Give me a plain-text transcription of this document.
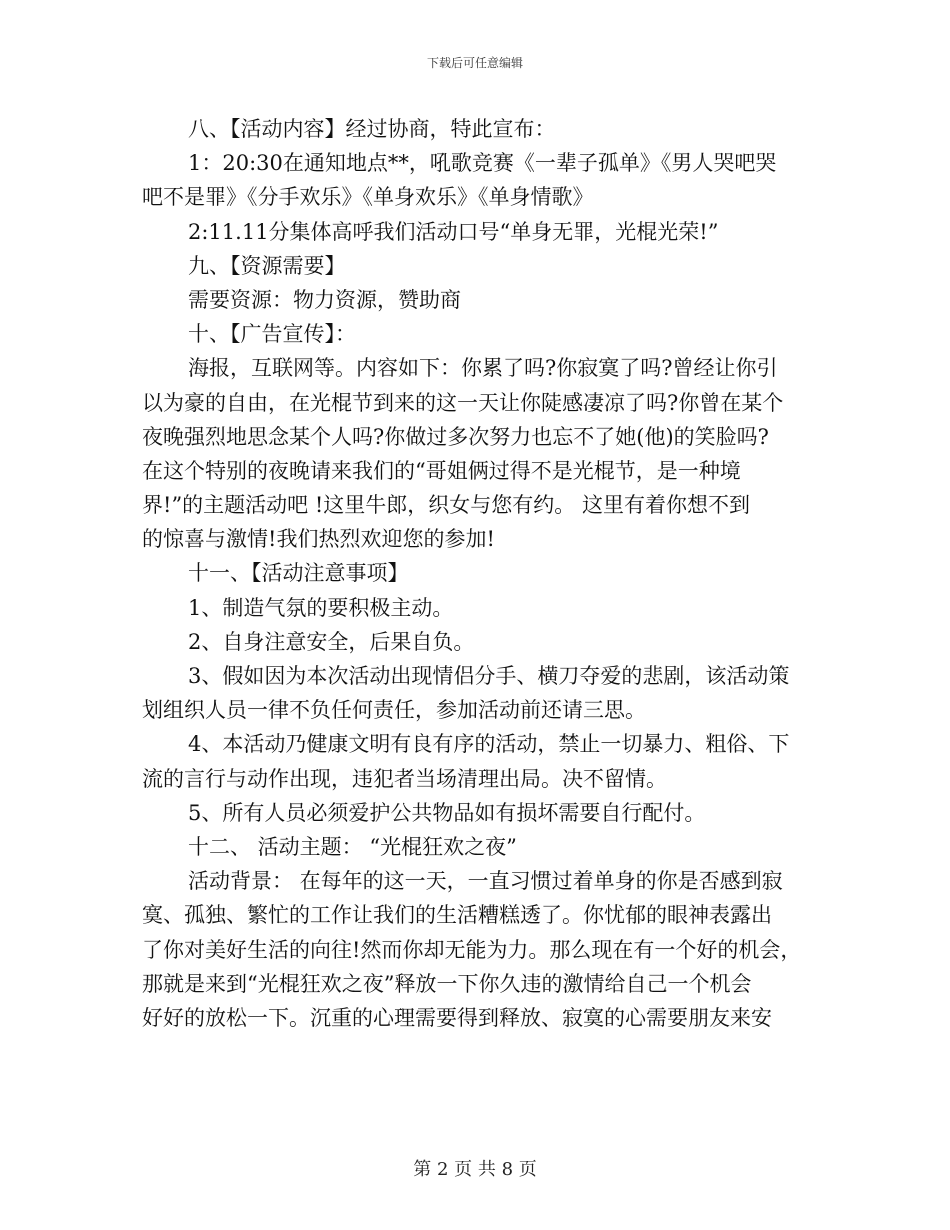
下载后可任意编辑
八、【活动内容】经过协商，特此宣布：
1：20:30在通知地点**，吼歌竞赛《一辈子孤单》《男人哭吧哭
吧不是罪》《分手欢乐》《单身欢乐》《单身情歌》
2:11.11分集体高呼我们活动口号“单身无罪，光棍光荣!”
九、【资源需要】
需要资源：物力资源，赞助商
十、【广告宣传】：
海报，互联网等。内容如下：你累了吗?你寂寞了吗?曾经让你引
以为豪的自由，在光棍节到来的这一天让你陡感凄凉了吗?你曾在某个
夜晚强烈地思念某个人吗?你做过多次努力也忘不了她(他)的笑脸吗?
在这个特别的夜晚请来我们的“哥姐俩过得不是光棍节，是一种境
界!”的主题活动吧 !这里牛郎，织女与您有约。 这里有着你想不到
的惊喜与激情!我们热烈欢迎您的参加!
十一、【活动注意事项】
1、制造气氛的要积极主动。
2、自身注意安全，后果自负。
3、假如因为本次活动出现情侣分手、横刀夺爱的悲剧，该活动策
划组织人员一律不负任何责任，参加活动前还请三思。
4、本活动乃健康文明有良有序的活动，禁止一切暴力、粗俗、下
流的言行与动作出现，违犯者当场清理出局。决不留情。
5、所有人员必须爱护公共物品如有损坏需要自行配付。
十二、 活动主题： “光棍狂欢之夜”
活动背景： 在每年的这一天，一直习惯过着单身的你是否感到寂
寞、孤独、繁忙的工作让我们的生活糟糕透了。你忧郁的眼神表露出
了你对美好生活的向往!然而你却无能为力。那么现在有一个好的机会，
那就是来到“光棍狂欢之夜”释放一下你久违的激情给自己一个机会
好好的放松一下。沉重的心理需要得到释放、寂寞的心需要朋友来安
第 2 页 共 8 页
